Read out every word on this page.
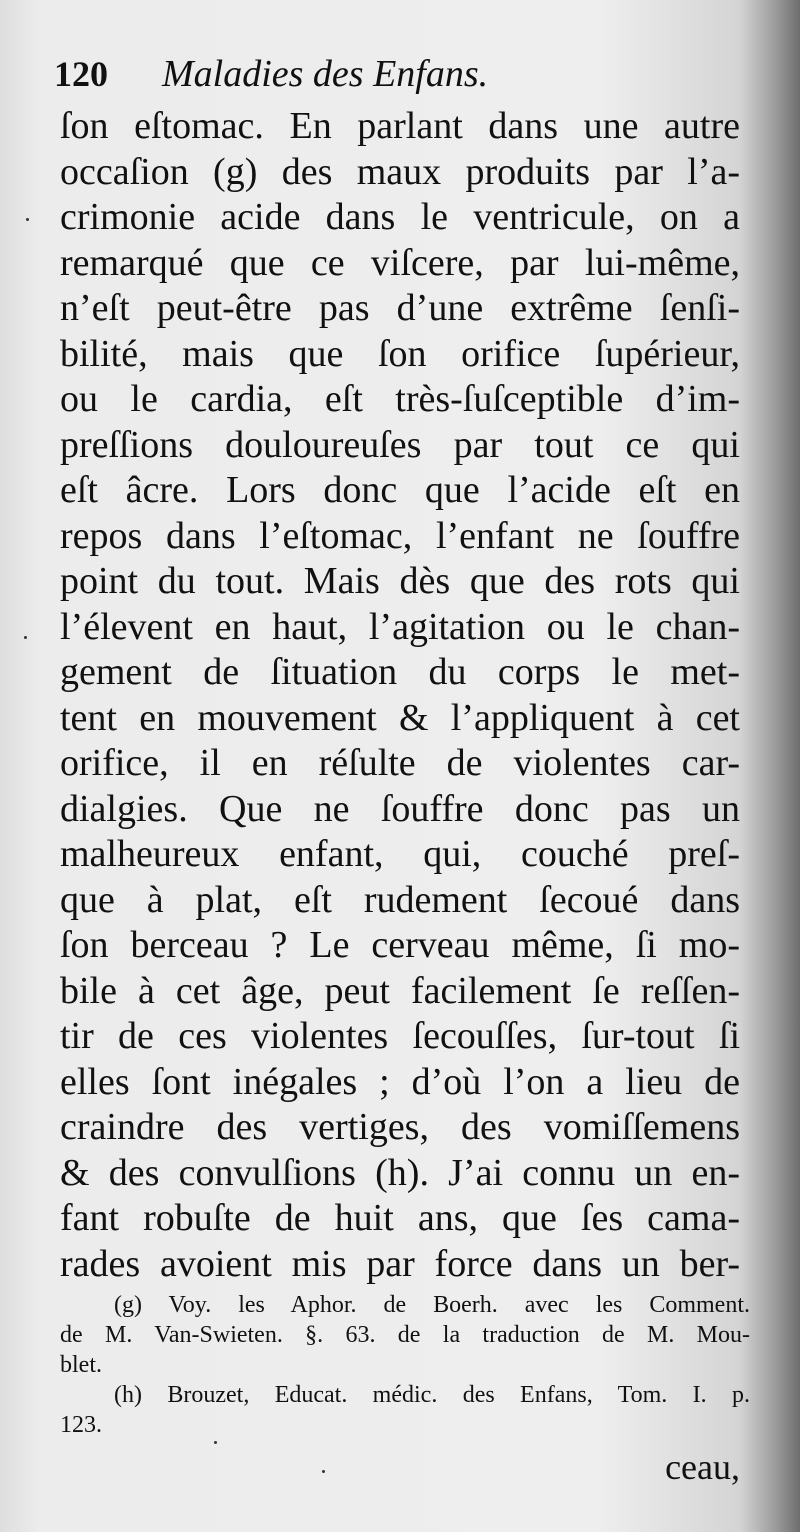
120 Maladies des Enfans.
ſon eſtomac. En parlant dans une autre
occaſion (g) des maux produits par l’a-
crimonie acide dans le ventricule, on a
remarqué que ce viſcere, par lui-même,
n’eſt peut-être pas d’une extrême ſenſi-
bilité, mais que ſon orifice ſupérieur,
ou le cardia, eſt très-ſuſceptible d’im-
preſſions douloureuſes par tout ce qui
eſt âcre. Lors donc que l’acide eſt en
repos dans l’eſtomac, l’enfant ne ſouffre
point du tout. Mais dès que des rots qui
l’élevent en haut, l’agitation ou le chan-
gement de ſituation du corps le met-
tent en mouvement & l’appliquent à cet
orifice, il en réſulte de violentes car-
dialgies. Que ne ſouffre donc pas un
malheureux enfant, qui, couché preſ-
que à plat, eſt rudement ſecoué dans
ſon berceau ? Le cerveau même, ſi mo-
bile à cet âge, peut facilement ſe reſſen-
tir de ces violentes ſecouſſes, ſur-tout ſi
elles ſont inégales ; d’où l’on a lieu de
craindre des vertiges, des vomiſſemens
& des convulſions (h). J’ai connu un en-
fant robuſte de huit ans, que ſes cama-
rades avoient mis par force dans un ber-
(g) Voy. les Aphor. de Boerh. avec les Comment.
de M. Van-Swieten. §. 63. de la traduction de M. Mou-
blet.
(h) Brouzet, Educat. médic. des Enfans, Tom. I. p.
123.
ceau,
